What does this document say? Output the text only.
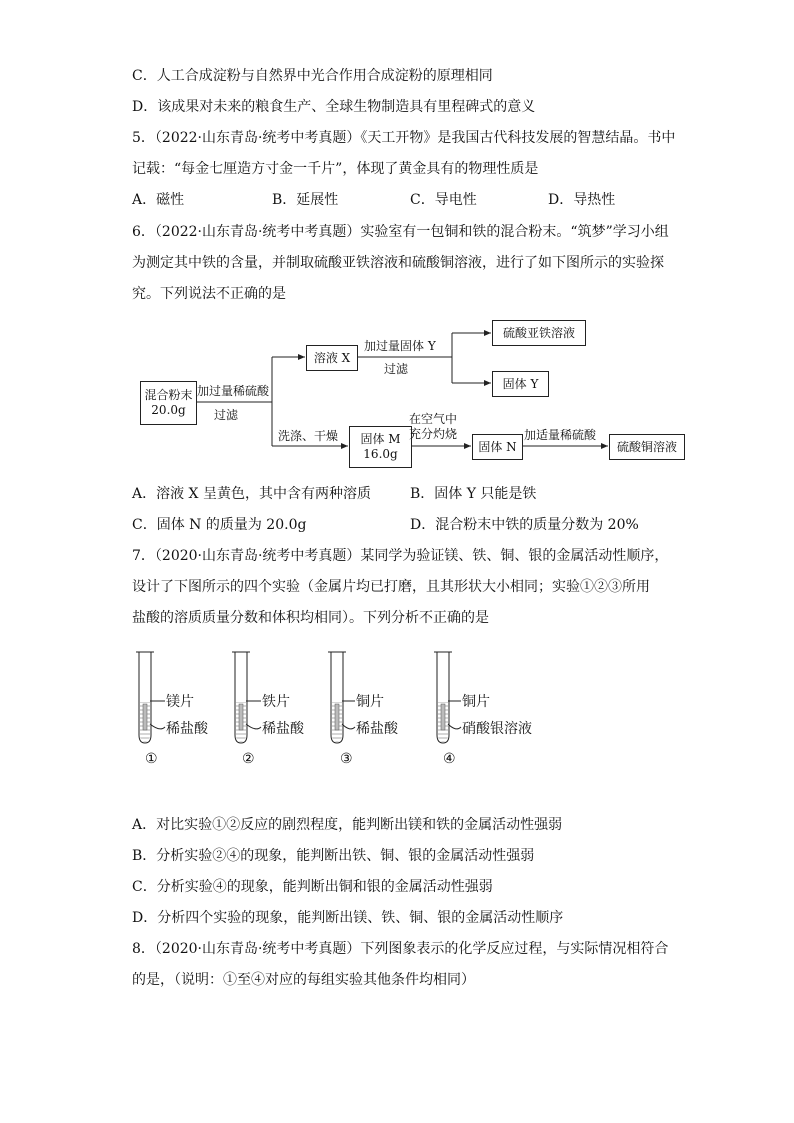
C．人工合成淀粉与自然界中光合作用合成淀粉的原理相同
D．该成果对未来的粮食生产、全球生物制造具有里程碑式的意义
5．（2022·山东青岛·统考中考真题）《天工开物》是我国古代科技发展的智慧结晶。书中
记载：“每金七厘造方寸金一千片”，体现了黄金具有的物理性质是
A．磁性	B．延展性	C．导电性	D．导热性
6．（2022·山东青岛·统考中考真题）实验室有一包铜和铁的混合粉末。“筑梦”学习小组
为测定其中铁的含量，并制取硫酸亚铁溶液和硫酸铜溶液，进行了如下图所示的实验探
究。下列说法不正确的是
混合粉末
20.0g
加过量稀硫酸
过滤
溶液 X
加过量固体 Y
过滤
硫酸亚铁溶液
固体 Y
洗涤、干燥 固体 M
16.0g
在空气中
充分灼烧
固体 N
加适量稀硫酸
硫酸铜溶液
A．溶液 X 呈黄色，其中含有两种溶质	B．固体 Y 只能是铁
C．固体 N 的质量为 20.0g	D．混合粉末中铁的质量分数为 20%
7．（2020·山东青岛·统考中考真题）某同学为验证镁、铁、铜、银的金属活动性顺序，
设计了下图所示的四个实验（金属片均已打磨，且其形状大小相同；实验①②③所用
盐酸的溶质质量分数和体积均相同）。下列分析不正确的是
镁片
稀盐酸
①
铁片
稀盐酸
②
铜片
稀盐酸
③
铜片
硝酸银溶液
④
A．对比实验①②反应的剧烈程度，能判断出镁和铁的金属活动性强弱
B．分析实验②④的现象，能判断出铁、铜、银的金属活动性强弱
C．分析实验④的现象，能判断出铜和银的金属活动性强弱
D．分析四个实验的现象，能判断出镁、铁、铜、银的金属活动性顺序
8．（2020·山东青岛·统考中考真题）下列图象表示的化学反应过程，与实际情况相符合
的是，（说明：①至④对应的每组实验其他条件均相同）
